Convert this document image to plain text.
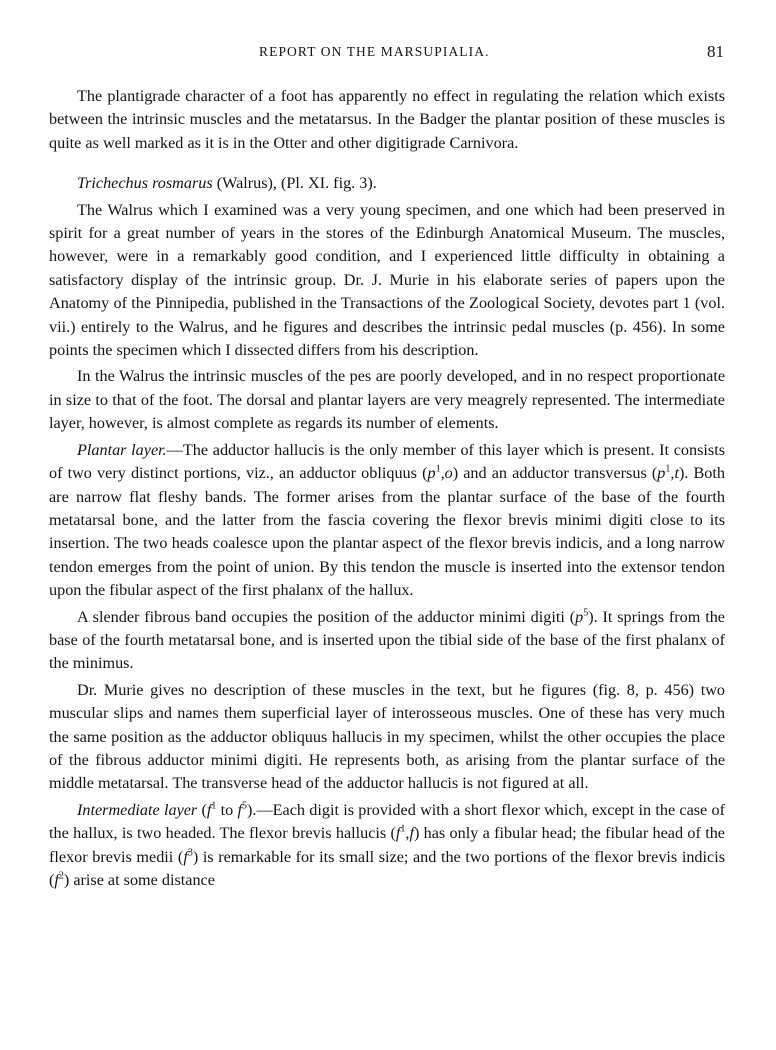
REPORT ON THE MARSUPIALIA.	81

The plantigrade character of a foot has apparently no effect in regulating the relation which exists between the intrinsic muscles and the metatarsus. In the Badger the plantar position of these muscles is quite as well marked as it is in the Otter and other digitigrade Carnivora.

Trichechus rosmarus (Walrus), (Pl. XI. fig. 3).

The Walrus which I examined was a very young specimen, and one which had been preserved in spirit for a great number of years in the stores of the Edinburgh Anatomical Museum. The muscles, however, were in a remarkably good condition, and I experienced little difficulty in obtaining a satisfactory display of the intrinsic group. Dr. J. Murie in his elaborate series of papers upon the Anatomy of the Pinnipedia, published in the Transactions of the Zoological Society, devotes part 1 (vol. vii.) entirely to the Walrus, and he figures and describes the intrinsic pedal muscles (p. 456). In some points the specimen which I dissected differs from his description.

In the Walrus the intrinsic muscles of the pes are poorly developed, and in no respect proportionate in size to that of the foot. The dorsal and plantar layers are very meagrely represented. The intermediate layer, however, is almost complete as regards its number of elements.

Plantar layer.—The adductor hallucis is the only member of this layer which is present. It consists of two very distinct portions, viz., an adductor obliquus $(p^1,o)$ and an adductor transversus $(p^1,t)$. Both are narrow flat fleshy bands. The former arises from the plantar surface of the base of the fourth metatarsal bone, and the latter from the fascia covering the flexor brevis minimi digiti close to its insertion. The two heads coalesce upon the plantar aspect of the flexor brevis indicis, and a long narrow tendon emerges from the point of union. By this tendon the muscle is inserted into the extensor tendon upon the fibular aspect of the first phalanx of the hallux.

A slender fibrous band occupies the position of the adductor minimi digiti $(p^5)$. It springs from the base of the fourth metatarsal bone, and is inserted upon the tibial side of the base of the first phalanx of the minimus.

Dr. Murie gives no description of these muscles in the text, but he figures (fig. 8, p. 456) two muscular slips and names them superficial layer of interosseous muscles. One of these has very much the same position as the adductor obliquus hallucis in my specimen, whilst the other occupies the place of the fibrous adductor minimi digiti. He represents both, as arising from the plantar surface of the middle metatarsal. The transverse head of the adductor hallucis is not figured at all.

Intermediate layer ($f^1$ to $f^5).—Each$ digit is provided with a short flexor which, except in the case of the hallux, is two headed. The flexor brevis hallucis $(f^1,f)$ has only a fibular head; the fibular head of the flexor brevis medii $(f^3)$ is remarkable for its small size; and the two portions of the flexor brevis indicis $(f^2)$ arise at some distance
